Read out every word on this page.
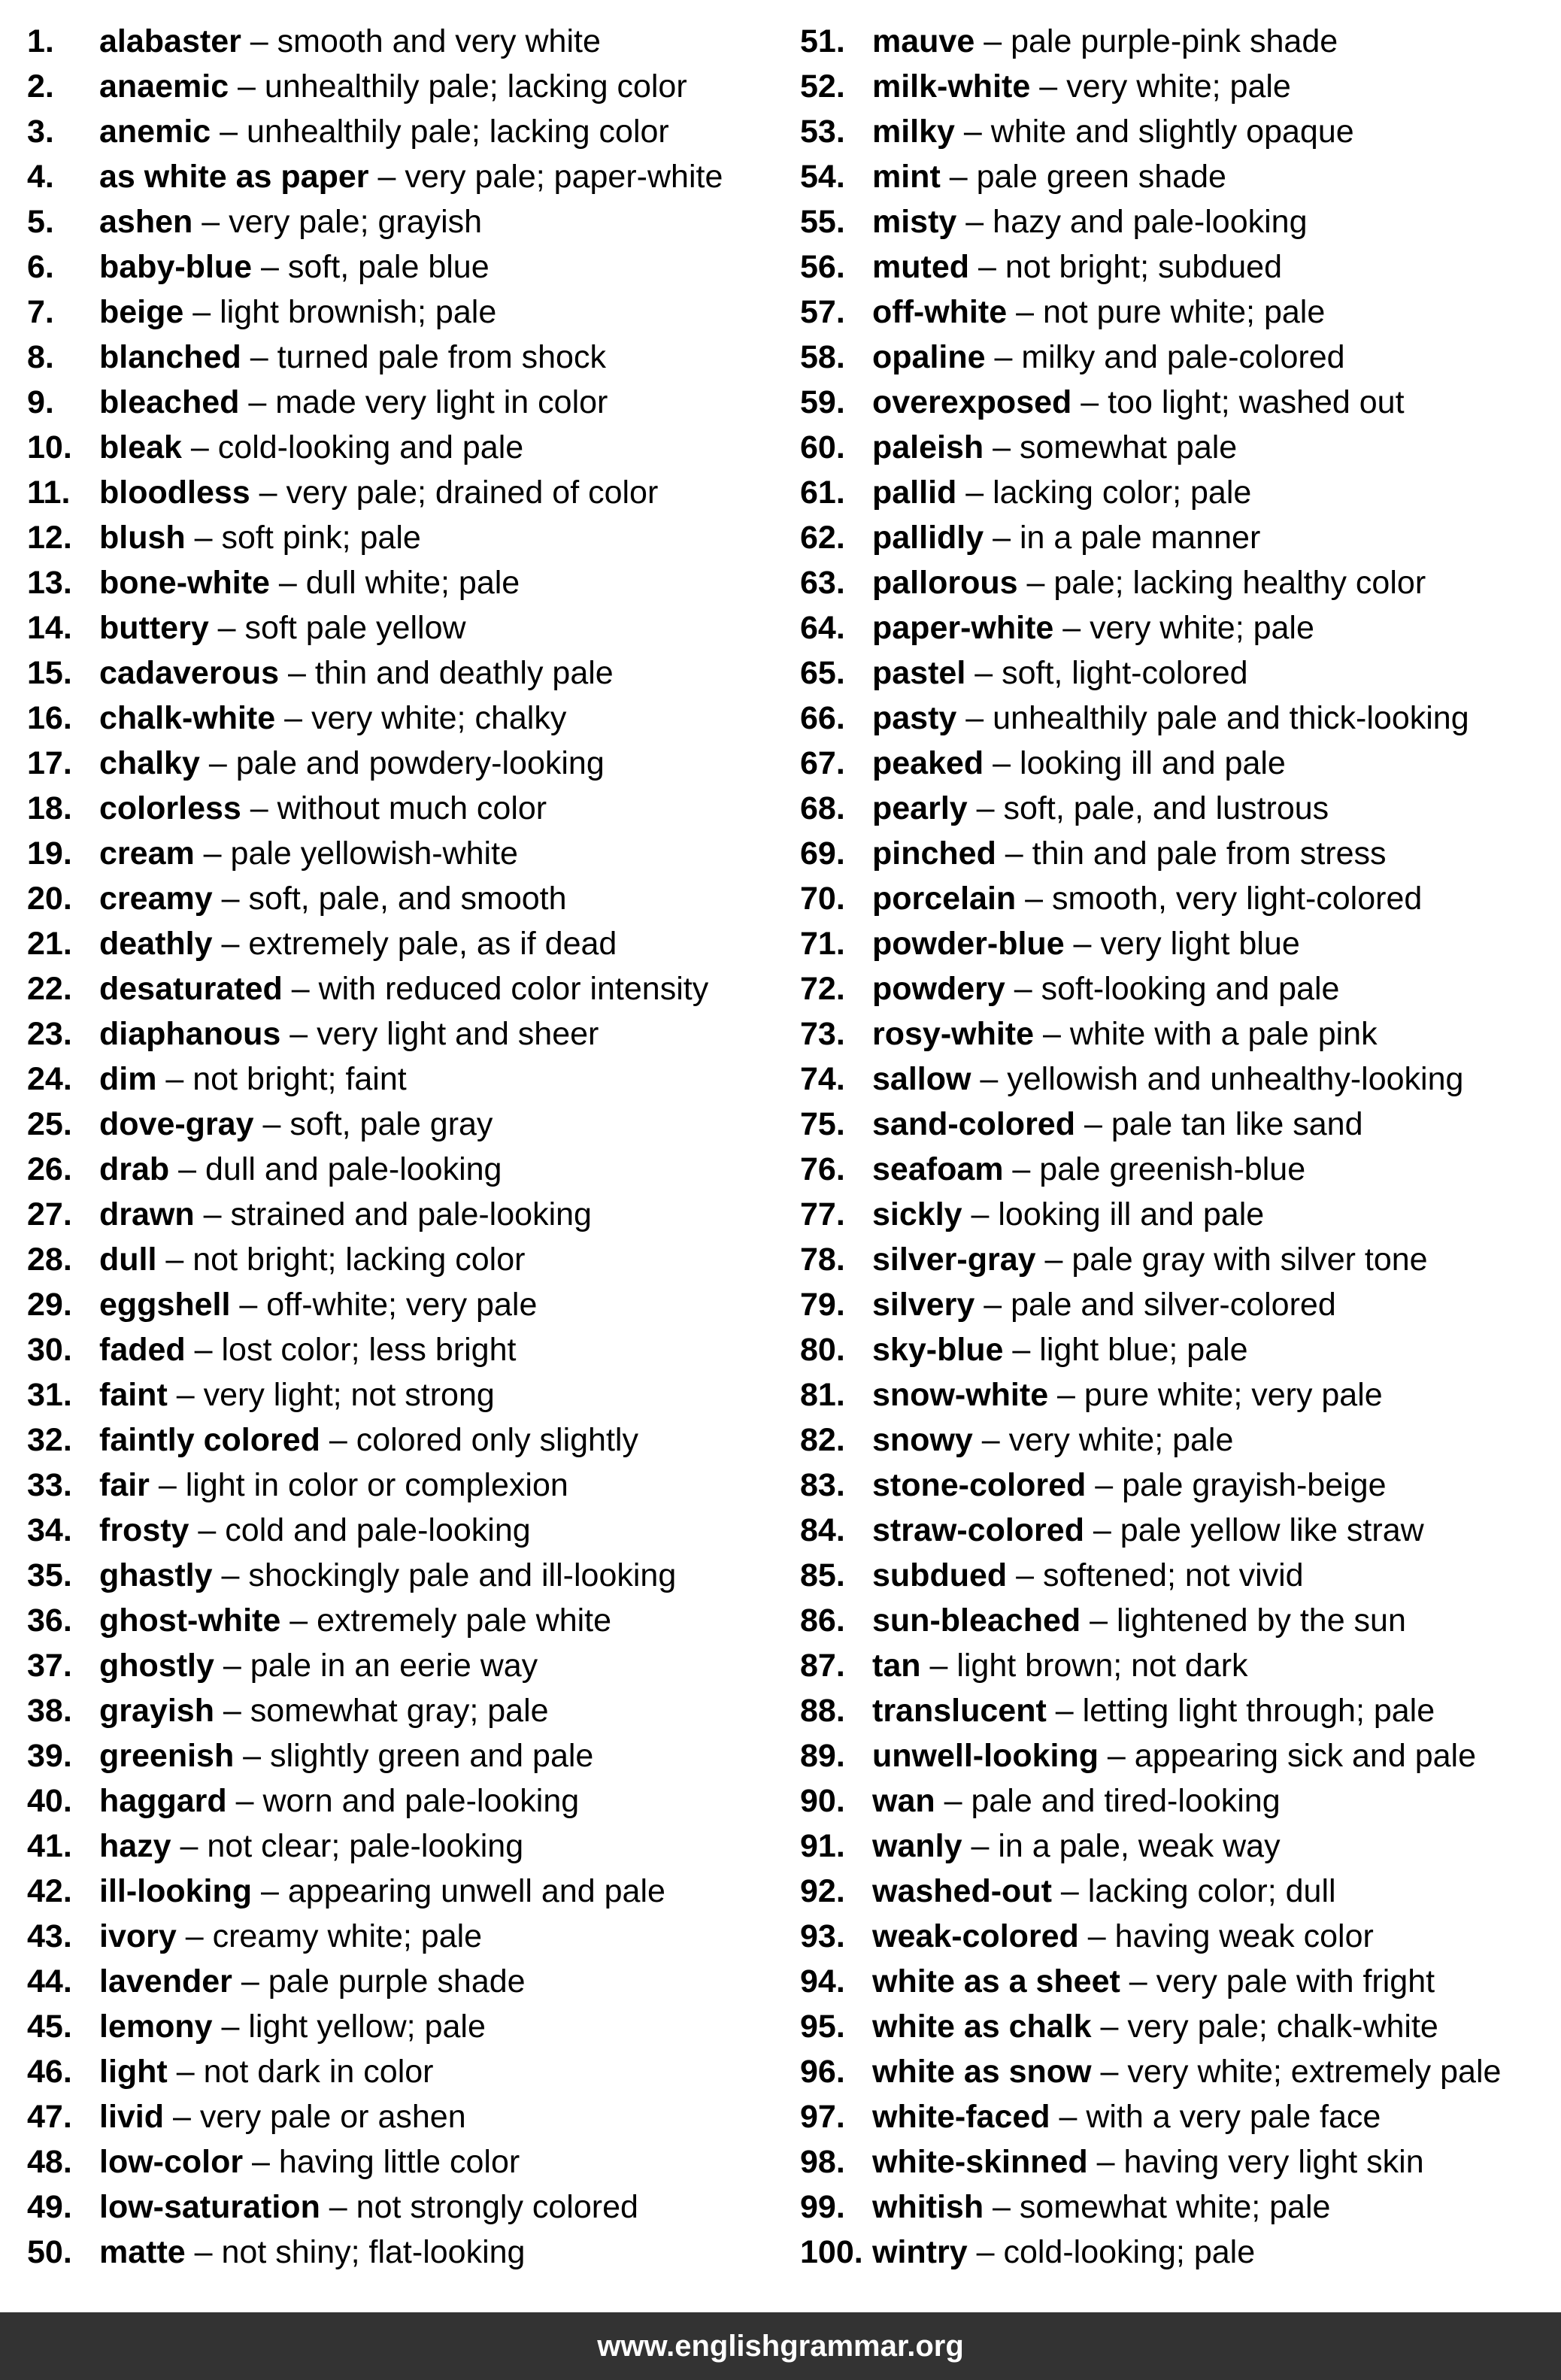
1. alabaster – smooth and very white
2. anaemic – unhealthily pale; lacking color
3. anemic – unhealthily pale; lacking color
4. as white as paper – very pale; paper-white
5. ashen – very pale; grayish
6. baby-blue – soft, pale blue
7. beige – light brownish; pale
8. blanched – turned pale from shock
9. bleached – made very light in color
10. bleak – cold-looking and pale
11. bloodless – very pale; drained of color
12. blush – soft pink; pale
13. bone-white – dull white; pale
14. buttery – soft pale yellow
15. cadaverous – thin and deathly pale
16. chalk-white – very white; chalky
17. chalky – pale and powdery-looking
18. colorless – without much color
19. cream – pale yellowish-white
20. creamy – soft, pale, and smooth
21. deathly – extremely pale, as if dead
22. desaturated – with reduced color intensity
23. diaphanous – very light and sheer
24. dim – not bright; faint
25. dove-gray – soft, pale gray
26. drab – dull and pale-looking
27. drawn – strained and pale-looking
28. dull – not bright; lacking color
29. eggshell – off-white; very pale
30. faded – lost color; less bright
31. faint – very light; not strong
32. faintly colored – colored only slightly
33. fair – light in color or complexion
34. frosty – cold and pale-looking
35. ghastly – shockingly pale and ill-looking
36. ghost-white – extremely pale white
37. ghostly – pale in an eerie way
38. grayish – somewhat gray; pale
39. greenish – slightly green and pale
40. haggard – worn and pale-looking
41. hazy – not clear; pale-looking
42. ill-looking – appearing unwell and pale
43. ivory – creamy white; pale
44. lavender – pale purple shade
45. lemony – light yellow; pale
46. light – not dark in color
47. livid – very pale or ashen
48. low-color – having little color
49. low-saturation – not strongly colored
50. matte – not shiny; flat-looking
51. mauve – pale purple-pink shade
52. milk-white – very white; pale
53. milky – white and slightly opaque
54. mint – pale green shade
55. misty – hazy and pale-looking
56. muted – not bright; subdued
57. off-white – not pure white; pale
58. opaline – milky and pale-colored
59. overexposed – too light; washed out
60. paleish – somewhat pale
61. pallid – lacking color; pale
62. pallidly – in a pale manner
63. pallorous – pale; lacking healthy color
64. paper-white – very white; pale
65. pastel – soft, light-colored
66. pasty – unhealthily pale and thick-looking
67. peaked – looking ill and pale
68. pearly – soft, pale, and lustrous
69. pinched – thin and pale from stress
70. porcelain – smooth, very light-colored
71. powder-blue – very light blue
72. powdery – soft-looking and pale
73. rosy-white – white with a pale pink
74. sallow – yellowish and unhealthy-looking
75. sand-colored – pale tan like sand
76. seafoam – pale greenish-blue
77. sickly – looking ill and pale
78. silver-gray – pale gray with silver tone
79. silvery – pale and silver-colored
80. sky-blue – light blue; pale
81. snow-white – pure white; very pale
82. snowy – very white; pale
83. stone-colored – pale grayish-beige
84. straw-colored – pale yellow like straw
85. subdued – softened; not vivid
86. sun-bleached – lightened by the sun
87. tan – light brown; not dark
88. translucent – letting light through; pale
89. unwell-looking – appearing sick and pale
90. wan – pale and tired-looking
91. wanly – in a pale, weak way
92. washed-out – lacking color; dull
93. weak-colored – having weak color
94. white as a sheet – very pale with fright
95. white as chalk – very pale; chalk-white
96. white as snow – very white; extremely pale
97. white-faced – with a very pale face
98. white-skinned – having very light skin
99. whitish – somewhat white; pale
100. wintry – cold-looking; pale
www.englishgrammar.org
